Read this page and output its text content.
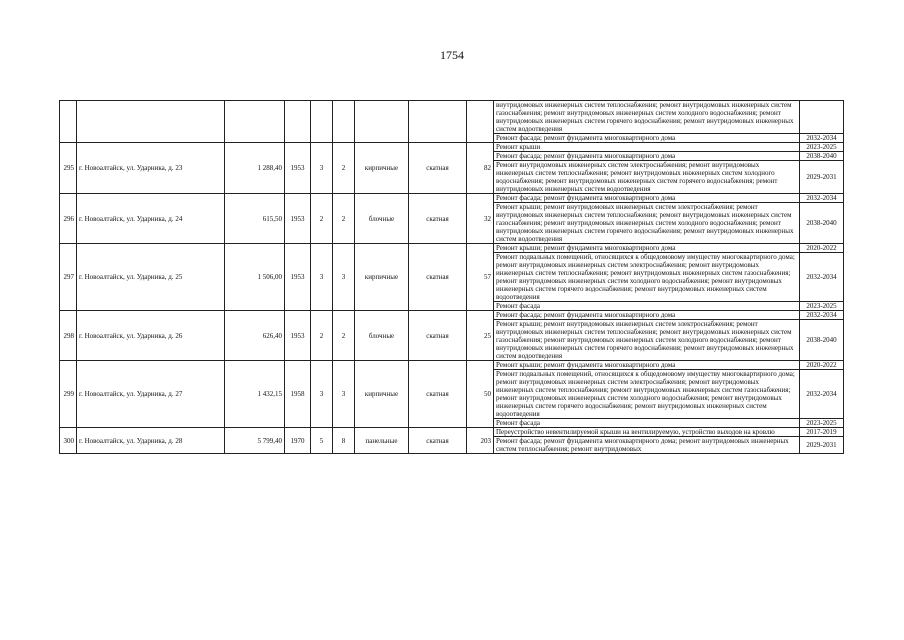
1754
									внутридомовых инженерных систем теплоснабжения; ремонт внутридомовых инженерных систем газоснабжения; ремонт внутридомовых инженерных систем холодного водоснабжения; ремонт внутридомовых инженерных систем горячего водоснабжения; ремонт внутридомовых инженерных систем водоотведения	
									Ремонт фасада; ремонт фундамента многоквартирного дома	2032-2034
295	г. Новоалтайск, ул. Ударника, д. 23	1 288,40	1953	3	2	кирпичные	скатная	82	Ремонт крыши	2023-2025
									Ремонт фасада; ремонт фундамента многоквартирного дома	2038-2040
									Ремонт внутридомовых инженерных систем электроснабжения; ремонт внутридомовых инженерных систем теплоснабжения; ремонт внутридомовых инженерных систем холодного водоснабжения; ремонт внутридомовых инженерных систем горячего водоснабжения; ремонт внутридомовых инженерных систем водоотведения	2029-2031
296	г. Новоалтайск, ул. Ударника, д. 24	615,50	1953	2	2	блочные	скатная	32	Ремонт фасада; ремонт фундамента многоквартирного дома	2032-2034
									Ремонт крыши; ремонт внутридомовых инженерных систем электроснабжения; ремонт внутридомовых инженерных систем теплоснабжения; ремонт внутридомовых инженерных систем газоснабжения; ремонт внутридомовых инженерных систем холодного водоснабжения; ремонт внутридомовых инженерных систем горячего водоснабжения; ремонт внутридомовых инженерных систем водоотведения	2038-2040
297	г. Новоалтайск, ул. Ударника, д. 25	1 506,00	1953	3	3	кирпичные	скатная	57	Ремонт крыши; ремонт фундамента многоквартирного дома	2020-2022
									Ремонт подвальных помещений, относящихся к общедомовому имуществу многоквартирного дома; ремонт внутридомовых инженерных систем электроснабжения; ремонт внутридомовых инженерных систем теплоснабжения; ремонт внутридомовых инженерных систем газоснабжения; ремонт внутридомовых инженерных систем холодного водоснабжения; ремонт внутридомовых инженерных систем горячего водоснабжения; ремонт внутридомовых инженерных систем водоотведения	2032-2034
									Ремонт фасада	2023-2025
298	г. Новоалтайск, ул. Ударника, д. 26	626,40	1953	2	2	блочные	скатная	25	Ремонт фасада; ремонт фундамента многоквартирного дома	2032-2034
									Ремонт крыши; ремонт внутридомовых инженерных систем электроснабжения; ремонт внутридомовых инженерных систем теплоснабжения; ремонт внутридомовых инженерных систем газоснабжения; ремонт внутридомовых инженерных систем холодного водоснабжения; ремонт внутридомовых инженерных систем горячего водоснабжения; ремонт внутридомовых инженерных систем водоотведения	2038-2040
299	г. Новоалтайск, ул. Ударника, д. 27	1 432,15	1958	3	3	кирпичные	скатная	50	Ремонт крыши; ремонт фундамента многоквартирного дома	2020-2022
									Ремонт подвальных помещений, относящихся к общедомовому имуществу многоквартирного дома; ремонт внутридомовых инженерных систем электроснабжения; ремонт внутридомовых инженерных систем теплоснабжения; ремонт внутридомовых инженерных систем газоснабжения; ремонт внутридомовых инженерных систем холодного водоснабжения; ремонт внутридомовых инженерных систем горячего водоснабжения; ремонт внутридомовых инженерных систем водоотведения	2032-2034
									Ремонт фасада	2023-2025
300	г. Новоалтайск, ул. Ударника, д. 28	5 799,40	1970	5	8	панельные	скатная	203	Переустройство невентилируемой крыши на вентилируемую, устройство выходов на кровлю	2017-2019
									Ремонт фасада; ремонт фундамента многоквартирного дома; ремонт внутридомовых инженерных систем теплоснабжения; ремонт внутридомовых	2029-2031
